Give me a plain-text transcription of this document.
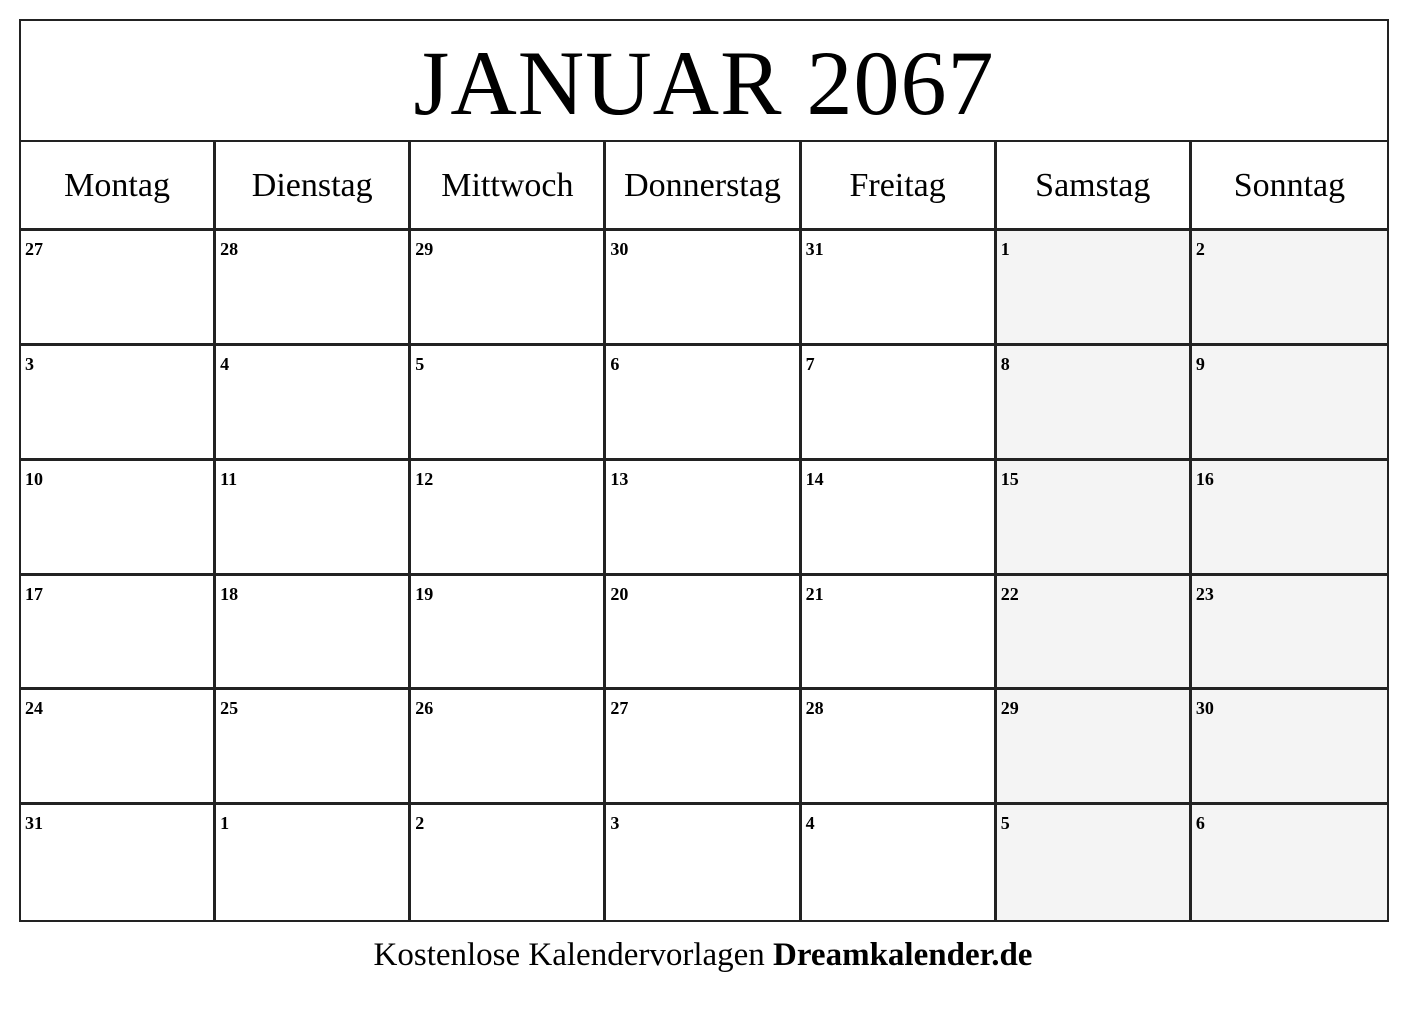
JANUAR 2067
Montag	Dienstag	Mittwoch	Donnerstag	Freitag	Samstag	Sonntag
27	28	29	30	31	1	2
3	4	5	6	7	8	9
10	11	12	13	14	15	16
17	18	19	20	21	22	23
24	25	26	27	28	29	30
31	1	2	3	4	5	6
Kostenlose Kalendervorlagen Dreamkalender.de
